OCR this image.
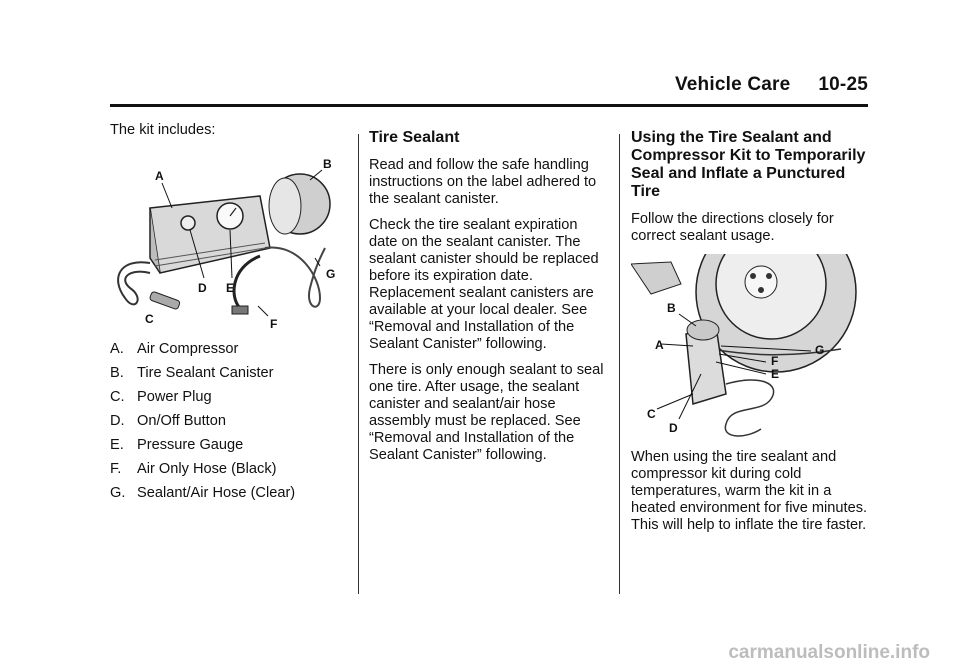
Vehicle Care 10-25

The kit includes:

A
B
C
D E
F
G
A. Air Compressor
B. Tire Sealant Canister
C. Power Plug
D. On/Off Button
E. Pressure Gauge
F.	Air Only Hose (Black)
G. Sealant/Air Hose (Clear)
Tire Sealant

Read and follow the safe handling instructions on the label adhered to the sealant canister.

Check the tire sealant expiration date on the sealant canister. The sealant canister should be replaced before its expiration date. Replacement sealant canisters are available at your local dealer. See “Removal and Installation of the Sealant Canister” following.

There is only enough sealant to seal one tire. After usage, the sealant canister and sealant/air hose assembly must be replaced. See “Removal and Installation of the Sealant Canister” following.

Using the Tire Sealant and Compressor Kit to Temporarily Seal and Inflate a Punctured Tire

Follow the directions closely for correct sealant usage.

A
B
C
D
E
F
G

When using the tire sealant and compressor kit during cold temperatures, warm the kit in a heated environment for five minutes. This will help to inflate the tire faster.

carmanualsonline.info
